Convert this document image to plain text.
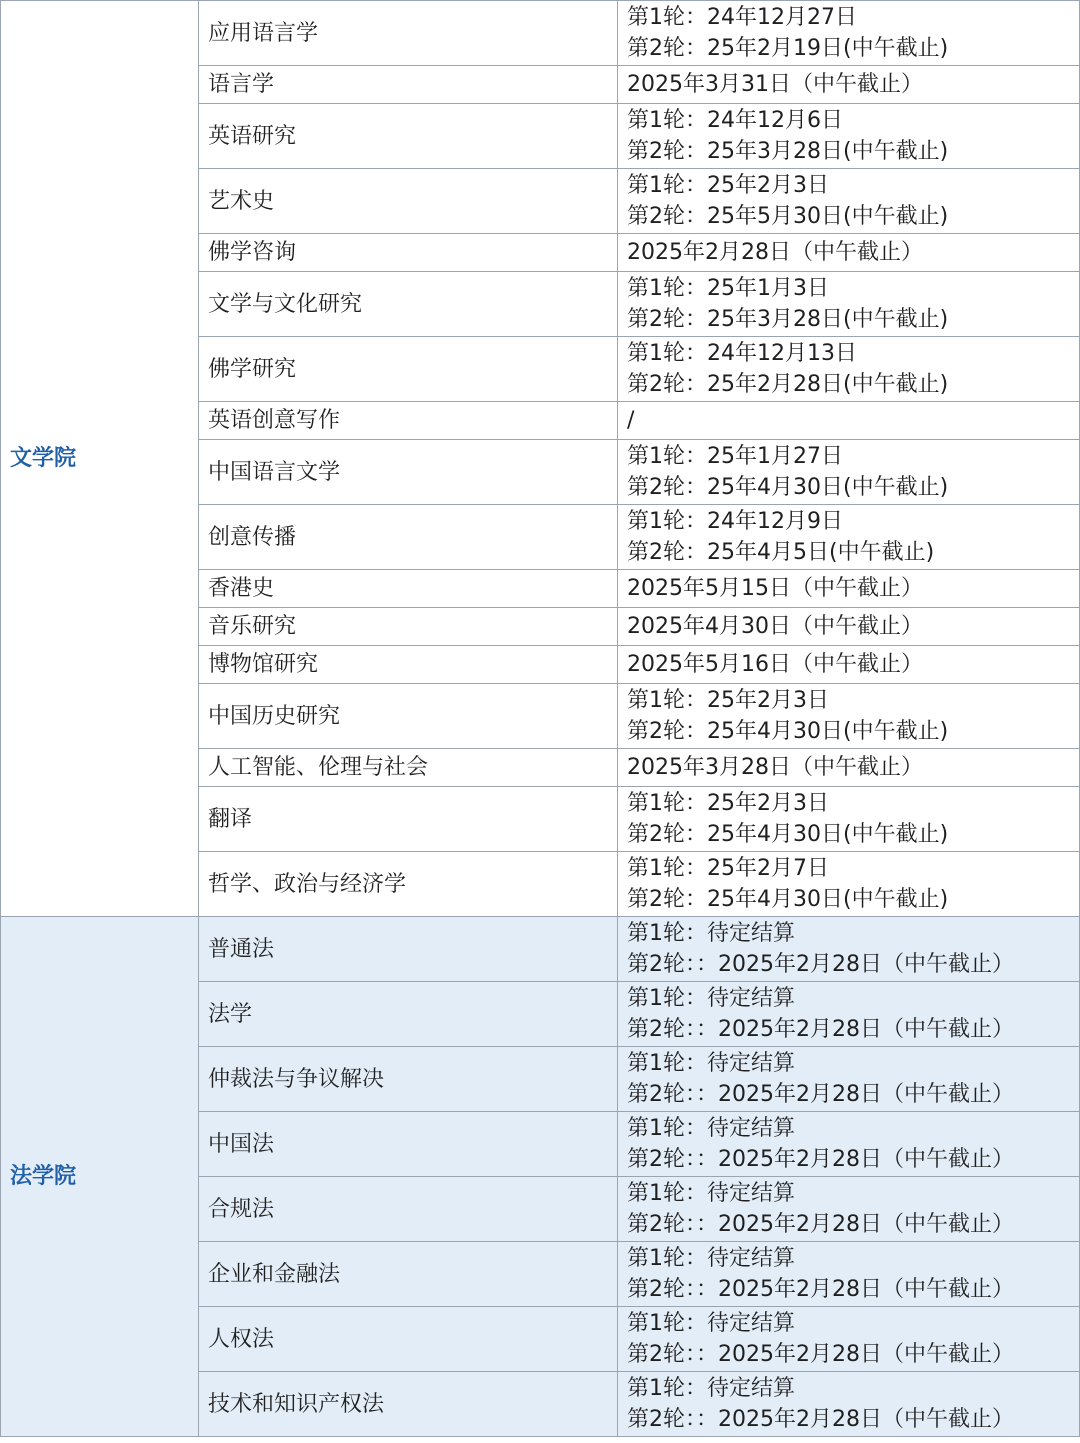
文学院	应用语言学	第1轮：24年12月27日
第2轮：25年2月19日(中午截止)

	语言学	2025年3月31日（中午截止）

	英语研究	第1轮：24年12月6日
第2轮：25年3月28日(中午截止)

	艺术史	第1轮：25年2月3日
第2轮：25年5月30日(中午截止)

	佛学咨询	2025年2月28日（中午截止）

	文学与文化研究	第1轮：25年1月3日
第2轮：25年3月28日(中午截止)

	佛学研究	第1轮：24年12月13日
第2轮：25年2月28日(中午截止)

	英语创意写作	/

	中国语言文学	第1轮：25年1月27日
第2轮：25年4月30日(中午截止)

	创意传播	第1轮：24年12月9日
第2轮：25年4月5日(中午截止)

	香港史	2025年5月15日（中午截止）

	音乐研究	2025年4月30日（中午截止）

	博物馆研究	2025年5月16日（中午截止）

	中国历史研究	第1轮：25年2月3日
第2轮：25年4月30日(中午截止)

	人工智能、伦理与社会	2025年3月28日（中午截止）

	翻译	第1轮：25年2月3日
第2轮：25年4月30日(中午截止)

	哲学、政治与经济学	第1轮：25年2月7日
第2轮：25年4月30日(中午截止)

法学院	普通法	第1轮：待定结算
第2轮：：2025年2月28日（中午截止）

	法学	第1轮：待定结算
第2轮：：2025年2月28日（中午截止）

	仲裁法与争议解决	第1轮：待定结算
第2轮：：2025年2月28日（中午截止）

	中国法	第1轮：待定结算
第2轮：：2025年2月28日（中午截止）

	合规法	第1轮：待定结算
第2轮：：2025年2月28日（中午截止）

	企业和金融法	第1轮：待定结算
第2轮：：2025年2月28日（中午截止）

	人权法	第1轮：待定结算
第2轮：：2025年2月28日（中午截止）

	技术和知识产权法	第1轮：待定结算
第2轮：：2025年2月28日（中午截止）
